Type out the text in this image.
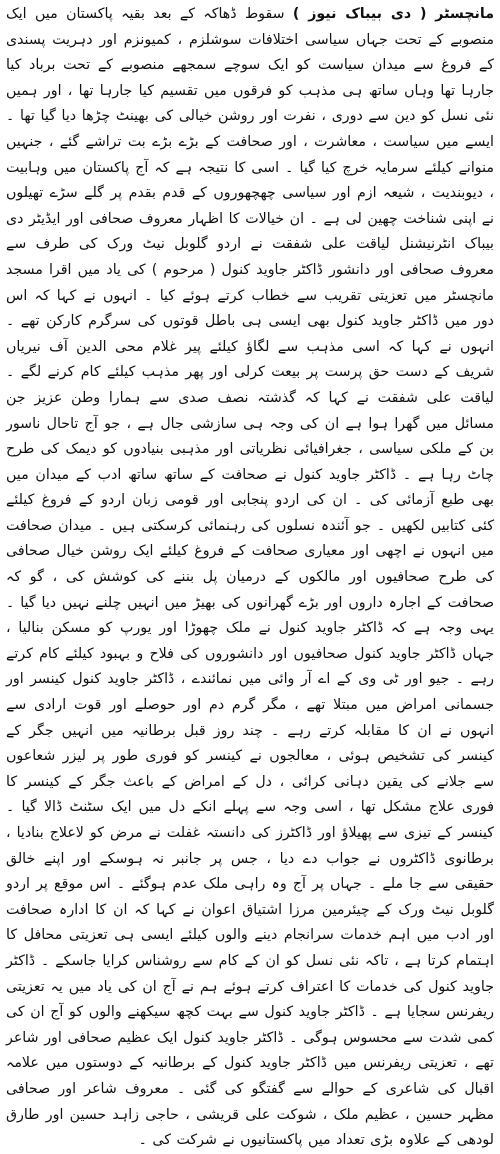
مانچسٹر ( دی بیباک نیوز ) سقوط ڈھاکہ کے بعد بقیہ پاکستان میں ایک منصوبے کے تحت جہاں سیاسی اختلافات سوشلزم ، کمیونزم اور دہریت پسندی کے فروغ سے میدان سیاست کو ایک سوچے سمجھے منصوبے کے تحت برباد کیا جارہا تھا وہاں ساتھ ہی مذہب کو فرقوں میں تقسیم کیا جارہا تھا ، اور ہمیں نئی نسل کو دین سے دوری ، نفرت اور روشن خیالی کی بھینٹ چڑھا دیا گیا تھا ۔ ایسے میں سیاست ، معاشرت ، اور صحافت کے بڑے بڑے بت تراشے گئے ، جنہیں منوانے کیلئے سرمایہ خرچ کیا گیا ۔ اسی کا نتیجہ ہے کہ آج پاکستان میں وہابیت ، دیوبندیت ، شیعہ ازم اور سیاسی چھچھوروں کے قدم بقدم پر گلے سڑے تھیلوں نے اپنی شناخت چھین لی ہے ۔ ان خیالات کا اظہار معروف صحافی اور ایڈیٹر دی بیباک انٹرنیشنل لیاقت علی شفقت نے اردو گلوبل نیٹ ورک کی طرف سے معروف صحافی اور دانشور ڈاکٹر جاوید کنول ( مرحوم ) کی یاد میں اقرا مسجد مانچسٹر میں تعزیتی تقریب سے خطاب کرتے ہوئے کیا ۔ انہوں نے کہا کہ اس دور میں ڈاکٹر جاوید کنول بھی ایسی ہی باطل قوتوں کی سرگرم کارکن تھے ۔ انہوں نے کہا کہ اسی مذہب سے لگاؤ کیلئے پیر غلام محی الدین آف نیریاں شریف کے دست حق پرست پر بیعت کرلی اور پھر مذہب کیلئے کام کرنے لگے ۔ لیاقت علی شفقت نے کہا کہ گذشتہ نصف صدی سے ہمارا وطن عزیز جن مسائل میں گھرا ہوا ہے ان کی وجہ ہی سازشی جال ہے ، جو آج تاحال ناسور بن کے ملکی سیاسی ، جغرافیائی نظریاتی اور مذہبی بنیادوں کو دیمک کی طرح چاٹ رہا ہے ۔ ڈاکٹر جاوید کنول نے صحافت کے ساتھ ساتھ ادب کے میدان میں بھی طبع آزمائی کی ۔ ان کی اردو پنجابی اور قومی زبان اردو کے فروغ کیلئے کئی کتابیں لکھیں ۔ جو آئندہ نسلوں کی رہنمائی کرسکتی ہیں ۔ میدان صحافت میں انہوں نے اچھی اور معیاری صحافت کے فروغ کیلئے ایک روشن خیال صحافی کی طرح صحافیوں اور مالکوں کے درمیان پل بننے کی کوشش کی ، گو کہ صحافت کے اجارہ داروں اور بڑے گھرانوں کی بھیڑ میں انہیں چلنے نہیں دیا گیا ۔ یہی وجہ ہے کہ ڈاکٹر جاوید کنول نے ملک چھوڑا اور یورپ کو مسکن بنالیا ، جہاں ڈاکٹر جاوید کنول صحافیوں اور دانشوروں کی فلاح و بہبود کیلئے کام کرتے رہے ۔ جیو اور ٹی وی کے اے آر وائی میں نمائندے ، ڈاکٹر جاوید کنول کینسر اور جسمانی امراض میں مبتلا تھے ، مگر گرم دم اور حوصلے اور قوت ارادی سے انہوں نے ان کا مقابلہ کرتے رہے ۔ چند روز قبل برطانیہ میں انہیں جگر کے کینسر کی تشخیص ہوئی ، معالجوں نے کینسر کو فوری طور پر لیزر شعاعوں سے جلانے کی یقین دہانی کرائی ، دل کے امراض کے باعث جگر کے کینسر کا فوری علاج مشکل تھا ، اسی وجہ سے پہلے انکے دل میں ایک سٹنٹ ڈالا گیا ۔ کینسر کے تیزی سے پھیلاؤ اور ڈاکٹرز کی دانستہ غفلت نے مرض کو لاعلاج بنادیا ، برطانوی ڈاکٹروں نے جواب دے دیا ، جس پر جانبر نہ ہوسکے اور اپنے خالق حقیقی سے جا ملے ۔ جہاں پر آج وہ راہی ملک عدم ہوگئے ۔ اس موقع پر اردو گلوبل نیٹ ورک کے چیئرمین مرزا اشتیاق اعوان نے کہا کہ ان کا ادارہ صحافت اور ادب میں اہم خدمات سرانجام دینے والوں کیلئے ایسی ہی تعزیتی محافل کا اہتمام کرتا ہے ، تاکہ نئی نسل کو ان کے کام سے روشناس کرایا جاسکے ۔ ڈاکٹر جاوید کنول کی خدمات کا اعتراف کرتے ہوئے ہم نے آج ان کی یاد میں یہ تعزیتی ریفرنس سجایا ہے ۔ ڈاکٹر جاوید کنول سے بہت کچھ سیکھنے والوں کو آج ان کی کمی شدت سے محسوس ہوگی ۔ ڈاکٹر جاوید کنول ایک عظیم صحافی اور شاعر تھے ، تعزیتی ریفرنس میں ڈاکٹر جاوید کنول کے برطانیہ کے دوستوں میں علامہ اقبال کی شاعری کے حوالے سے گفتگو کی گئی ۔ معروف شاعر اور صحافی مظہر حسین ، عظیم ملک ، شوکت علی قریشی ، حاجی زاہد حسین اور طارق لودھی کے علاوہ بڑی تعداد میں پاکستانیوں نے شرکت کی ۔
